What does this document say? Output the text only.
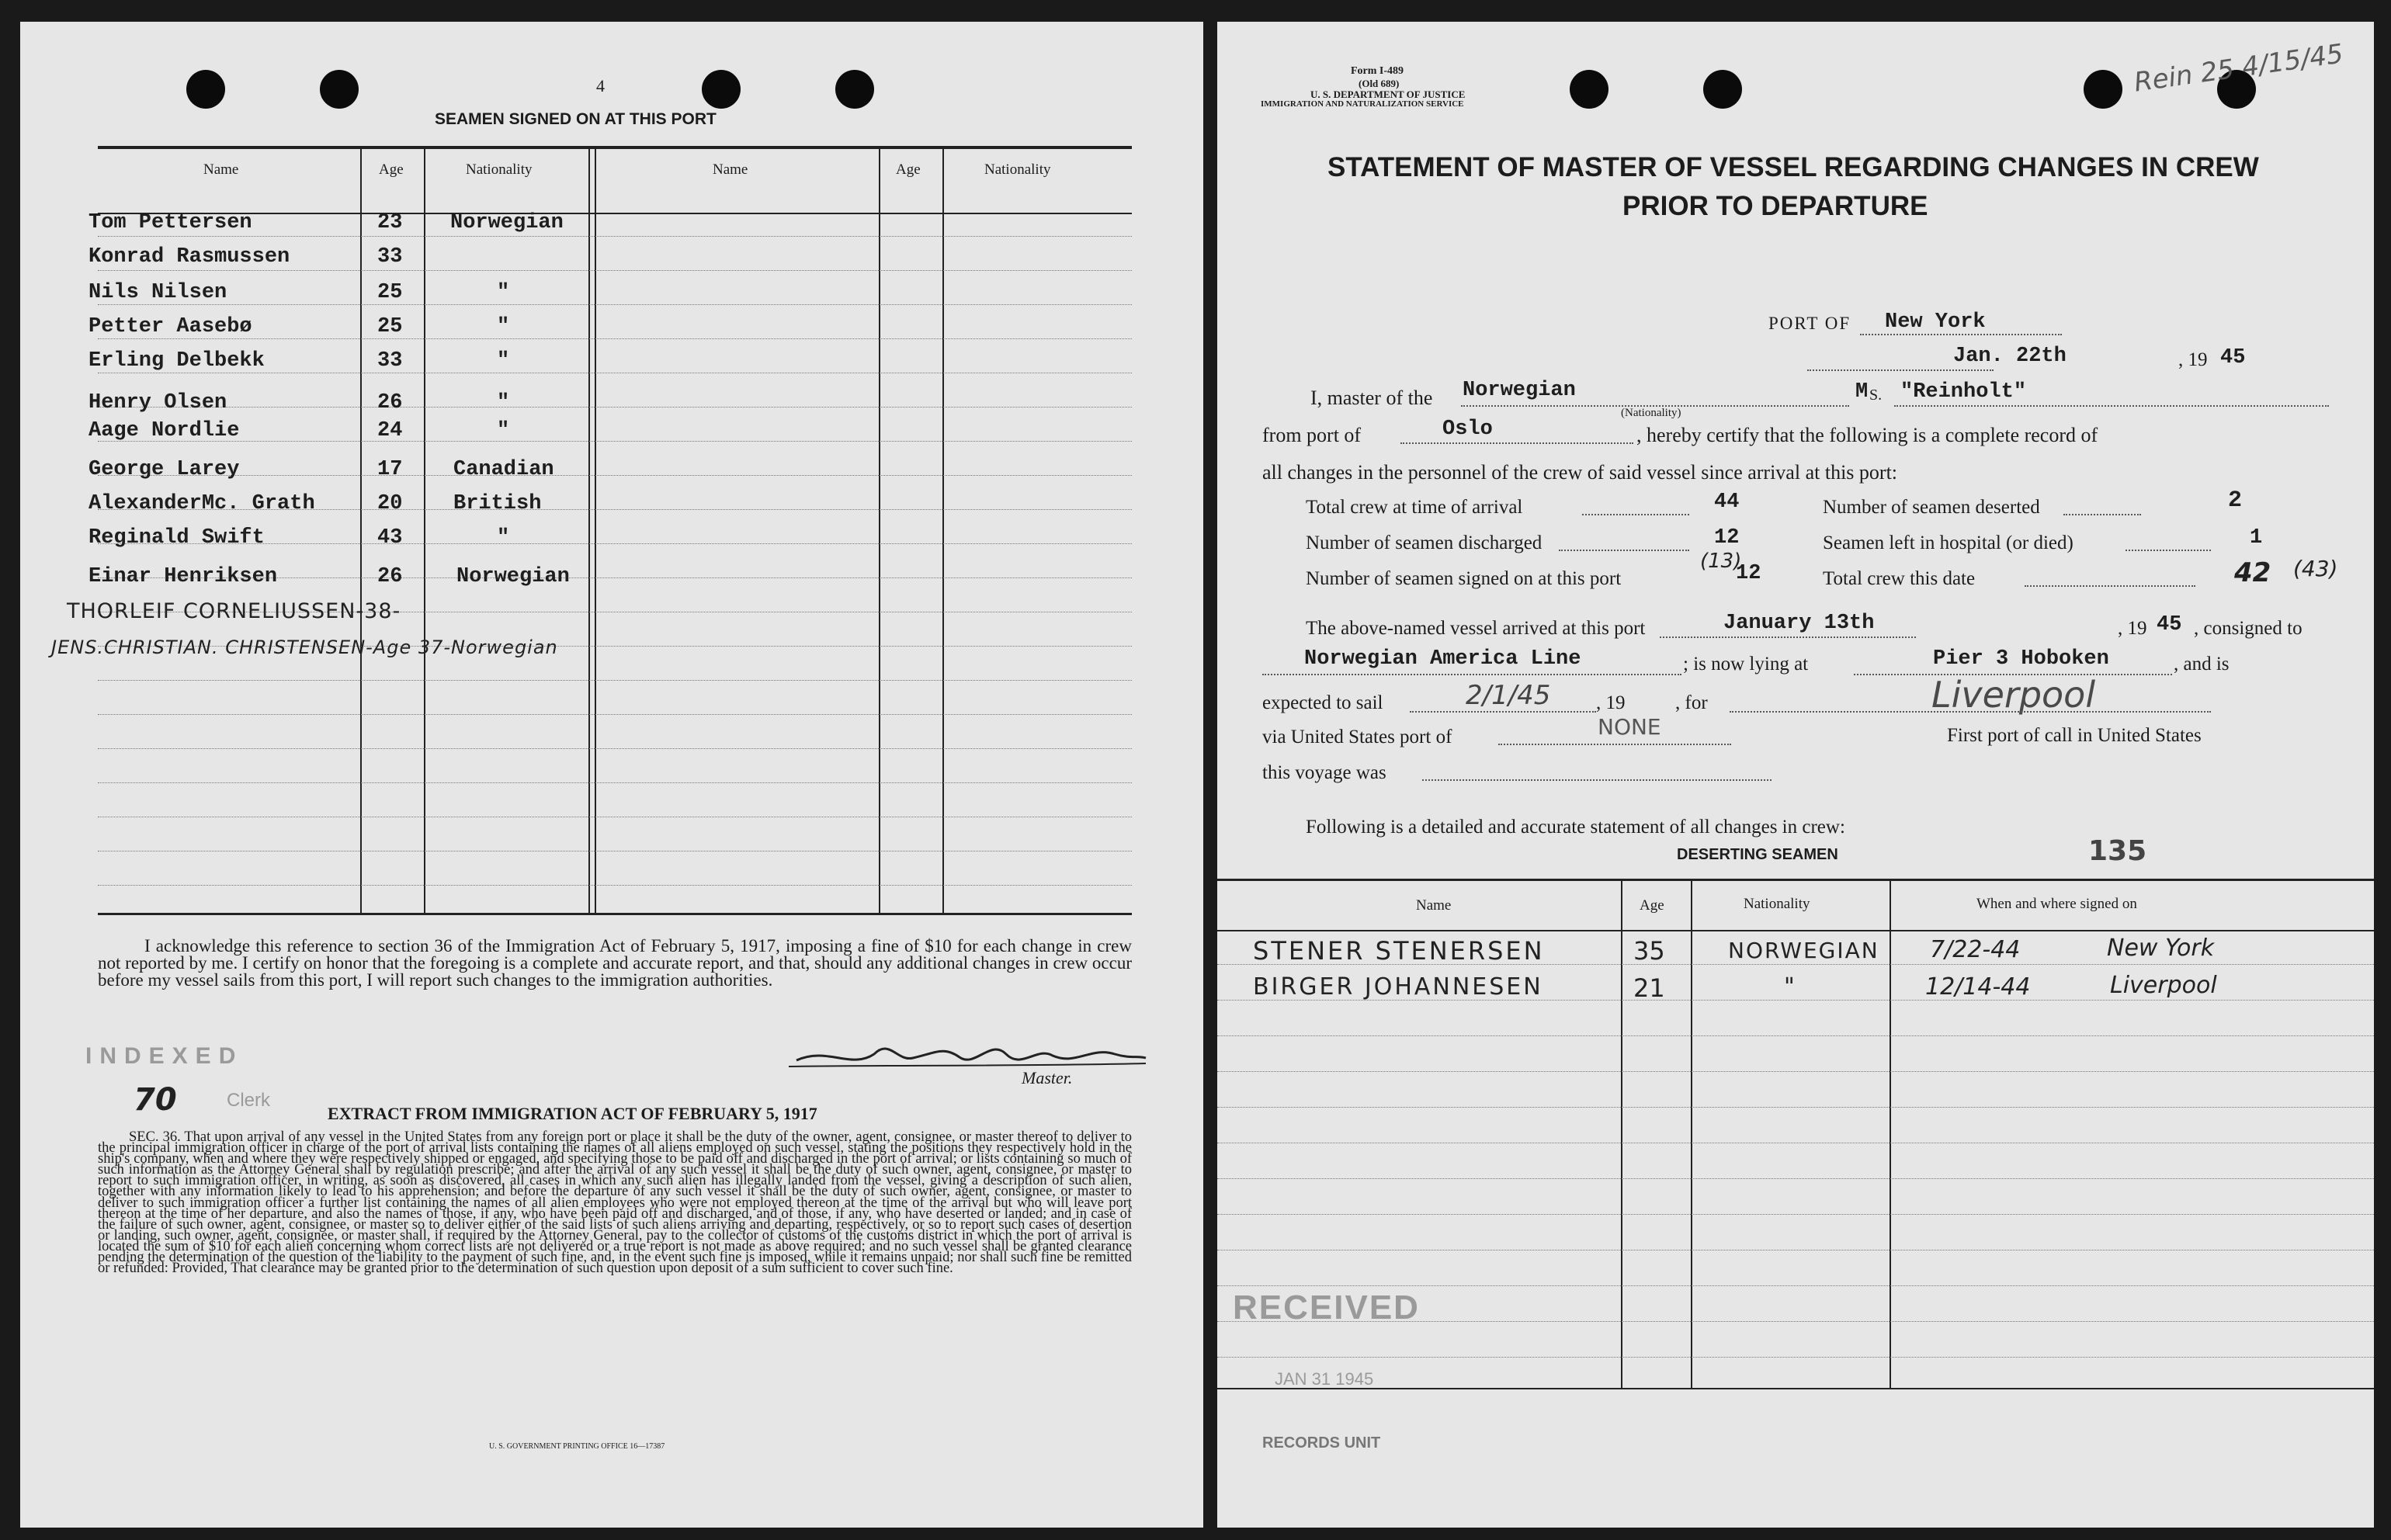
4
SEAMEN SIGNED ON AT THIS PORT
Name	Age	Nationality	Name	Age	Nationality
Tom Pettersen	23 Norwegian
Konrad Rasmussen	33
Nils Nilsen	25	"
Petter Aasebø	25	"
Erling Delbekk	33	"
Henry Olsen	26	"
Aage Nordlie	24	"
George Larey	17 Canadian
AlexanderMc. Grath	20 British
Reginald Swift	43	"
Einar Henriksen	26	Norwegian
THORLEIF CORNELIUSSEN-38-
JENS.CHRISTIAN. CHRISTENSEN-Age 37-Norwegian
I acknowledge this reference to section 36 of the Immigration Act of February 5, 1917, imposing a fine of $10 for each change in crew not reported by me. I certify on honor that the foregoing is a complete and accurate report, and that, should any additional changes in crew occur before my vessel sails from this port, I will report such changes to the immigration authorities.
Master.
INDEXED
70	Clerk
EXTRACT FROM IMMIGRATION ACT OF FEBRUARY 5, 1917
SEC. 36. That upon arrival of any vessel in the United States from any foreign port or place it shall be the duty of the owner, agent, consignee, or master thereof to deliver to the principal immigration officer in charge of the port of arrival lists containing the names of all aliens employed on such vessel, stating the positions they respectively hold in the ship's company, when and where they were respectively shipped or engaged, and specifying those to be paid off and discharged in the port of arrival; or lists containing so much of such information as the Attorney General shall by regulation prescribe; and after the arrival of any such vessel it shall be the duty of such owner, agent, consignee, or master to report to such immigration officer, in writing, as soon as discovered, all cases in which any such alien has illegally landed from the vessel, giving a description of such alien, together with any information likely to lead to his apprehension; and before the departure of any such vessel it shall be the duty of such owner, agent, consignee, or master to deliver to such immigration officer a further list containing the names of all alien employees who were not employed thereon at the time of the arrival but who will leave port thereon at the time of her departure, and also the names of those, if any, who have been paid off and discharged, and of those, if any, who have deserted or landed; and in case of the failure of such owner, agent, consignee, or master so to deliver either of the said lists of such aliens arriving and departing, respectively, or so to report such cases of desertion or landing, such owner, agent, consignee, or master shall, if required by the Attorney General, pay to the collector of customs of the customs district in which the port of arrival is located the sum of $10 for each alien concerning whom correct lists are not delivered or a true report is not made as above required; and no such vessel shall be granted clearance pending the determination of the question of the liability to the payment of such fine, and, in the event such fine is imposed, while it remains unpaid; nor shall such fine be remitted or refunded: Provided, That clearance may be granted prior to the determination of such question upon deposit of a sum sufficient to cover such fine.
U. S. GOVERNMENT PRINTING OFFICE 16—17387
Form I-489
(Old 689)
U. S. DEPARTMENT OF JUSTICE
IMMIGRATION AND NATURALIZATION SERVICE
Rein 25 4/15/45
STATEMENT OF MASTER OF VESSEL REGARDING CHANGES IN CREW
PRIOR TO DEPARTURE
PORT OF New York
Jan. 22th	, 19 45
I, master of the Norwegian
(Nationality)
M S. "Reinholt"
from port of	Oslo	, hereby certify that the following is a complete record of
all changes in the personnel of the crew of said vessel since arrival at this port:
Total crew at time of arrival	44
Number of seamen discharged	12
Number of seamen signed on at this port
(13)
12
Number of seamen deserted	2
Seamen left in hospital (or died)	1
Total crew this date	42 (43)
The above-named vessel arrived at this port	January 13th	, 19 45 , consigned to
Norwegian America Line	; is now lying at	Pier 3 Hoboken	, and is
expected to sail	2/1/45 , 19	, for	Liverpool
via United States port of	NONE	First port of call in United States
this voyage was
Following is a detailed and accurate statement of all changes in crew:
DESERTING SEAMEN	135
Name	Age	Nationality	When and where signed on
STENER STENERSEN	35	NORWEGIAN 7/22-44	New York
BIRGER JOHANNESEN	21	"	12/14-44	Liverpool
RECEIVED
JAN 31 1945
RECORDS UNIT
